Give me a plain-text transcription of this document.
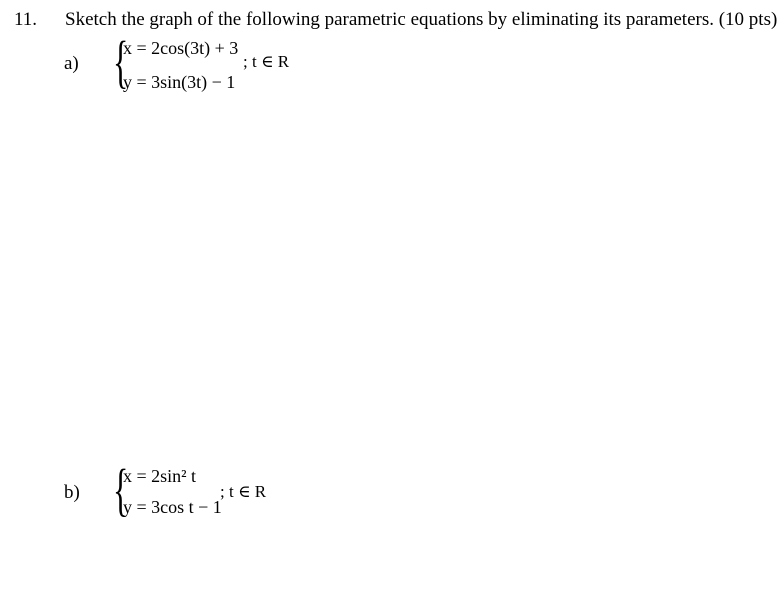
11. Sketch the graph of the following parametric equations by eliminating its parameters. (10 pts)
a) {
x = 2cos(3t) + 3
y = 3sin(3t) − 1
; t ∈ R
b) {
x = 2sin² t
y = 3cos t − 1
; t ∈ R
